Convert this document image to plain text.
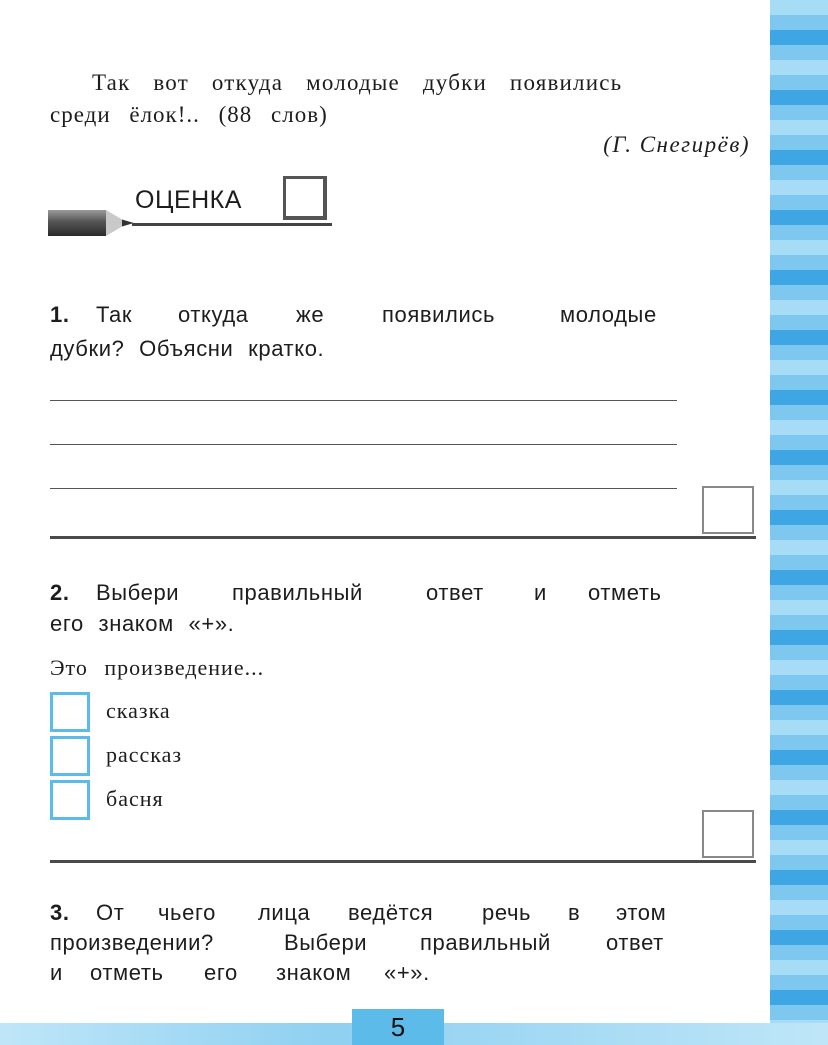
5
Так вот откуда молодые дубки появились
среди ёлок!.. (88 слов)
(Г. Снегирёв)
ОЦЕНКА
1. Так откуда же	появились	молодые
дубки? Объясни кратко.
2. Выбери правильный	ответ и отметь
его знаком «+».
Это произведение...
сказка
рассказ
басня
3. От чьего лица ведётся речь в этом
произведении?	Выбери правильный	ответ
и отметь его знаком «+».
